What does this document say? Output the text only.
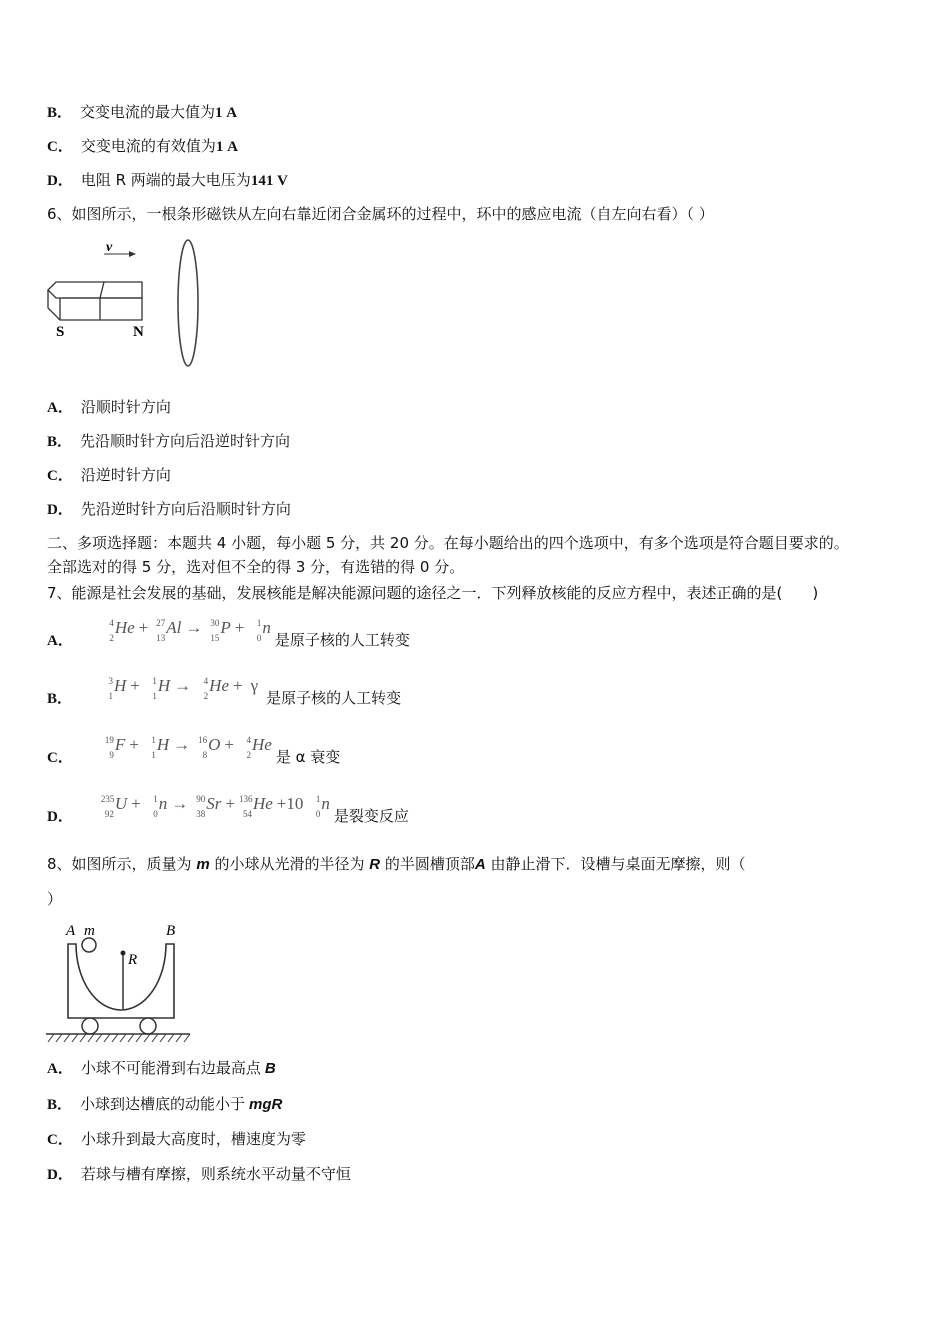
B． 交变电流的最大值为1 A
C． 交变电流的有效值为1 A
D． 电阻 R 两端的最大电压为141 V
6、如图所示，一根条形磁铁从左向右靠近闭合金属环的过程中，环中的感应电流（自左向右看）（ ）
v
S	N
二、多项选择题：本题共 4 小题，每小题 5 分，共 20 分。在每小题给出的四个选项中，有多个选项是符合题目要求的。
全部选对的得 5 分，选对但不全的得 3 分，有选错的得 0 分。
7、能源是社会发展的基础，发展核能是解决能源问题的途径之一．下列释放核能的反应方程中，表述正确的是(　　)
8、如图所示，质量为 m 的小球从光滑的半径为 R 的半圆槽顶部A 由静止滑下．设槽与桌面无摩擦，则（
）
A m	B
R
A． 沿顺时针方向
B． 先沿顺时针方向后沿逆时针方向
C． 沿逆时针方向
D． 先沿逆时针方向后沿顺时针方向
A．
4
2
He + 27
13
Al → 30
15
P +	1
0
n是原子核的人工转变
B．
3
1
H +	1
1
H →	4
2
He + γ是原子核的人工转变
C．
19
9
F +	1
1
H → 16
8
O +	4
2
He是 α 衰变
D．
235
92
U +	1
0
n → 90
38
Sr + 136
54
He +10	1
0
n是裂变反应
A． 小球不可能滑到右边最高点 B
B． 小球到达槽底的动能小于 mgR
C． 小球升到最大高度时，槽速度为零
D． 若球与槽有摩擦，则系统水平动量不守恒
